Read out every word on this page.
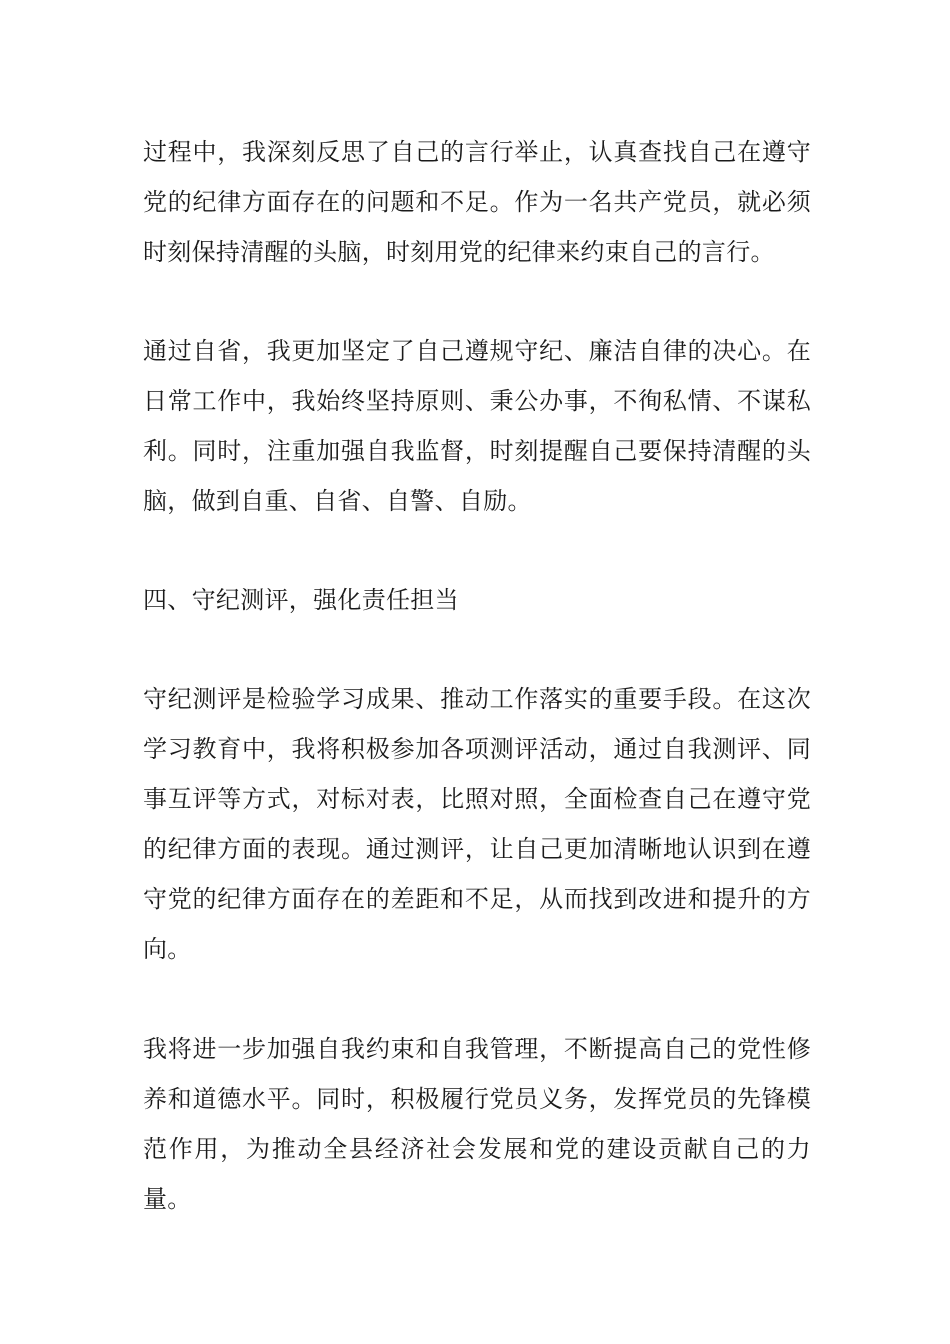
过程中，我深刻反思了自己的言行举止，认真查找自己在遵守党的纪律方面存在的问题和不足。作为一名共产党员，就必须时刻保持清醒的头脑，时刻用党的纪律来约束自己的言行。

通过自省，我更加坚定了自己遵规守纪、廉洁自律的决心。在日常工作中，我始终坚持原则、秉公办事，不徇私情、不谋私利。同时，注重加强自我监督，时刻提醒自己要保持清醒的头脑，做到自重、自省、自警、自励。

四、守纪测评，强化责任担当

守纪测评是检验学习成果、推动工作落实的重要手段。在这次学习教育中，我将积极参加各项测评活动，通过自我测评、同事互评等方式，对标对表，比照对照，全面检查自己在遵守党的纪律方面的表现。通过测评，让自己更加清晰地认识到在遵守党的纪律方面存在的差距和不足，从而找到改进和提升的方向。

我将进一步加强自我约束和自我管理，不断提高自己的党性修养和道德水平。同时，积极履行党员义务，发挥党员的先锋模范作用，为推动全县经济社会发展和党的建设贡献自己的力量。
